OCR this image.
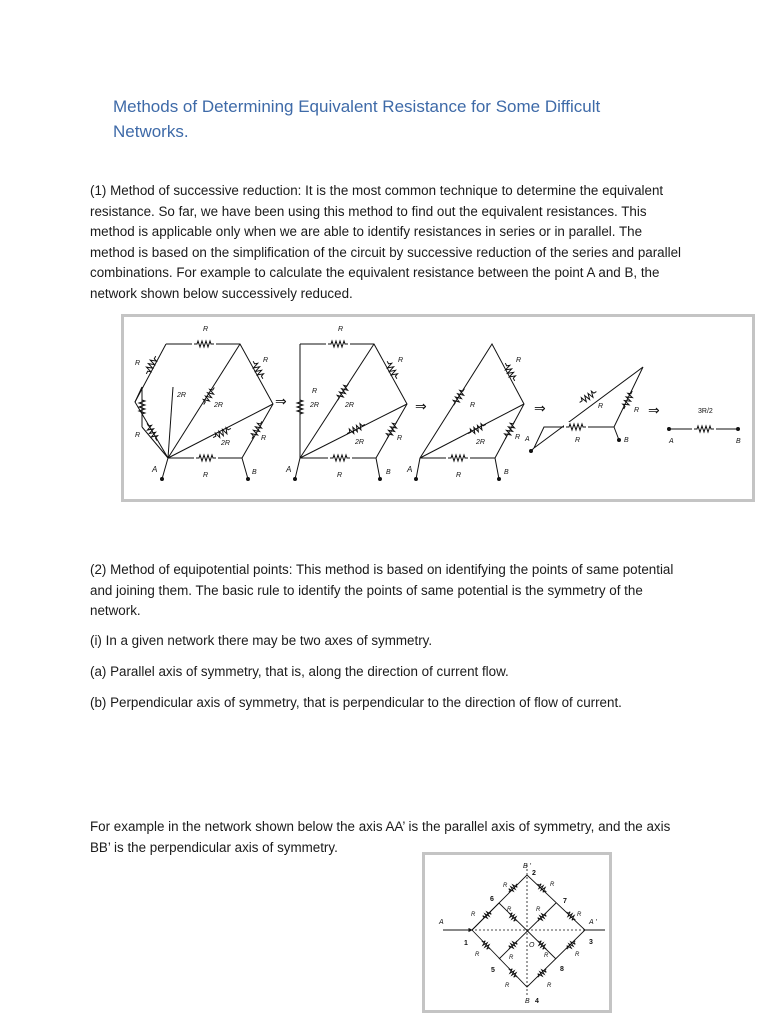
Methods of Determining Equivalent Resistance for Some Difficult Networks.

(1) Method of successive reduction: It is the most common technique to determine the equivalent resistance. So far, we have been using this method to find out the equivalent resistances. This method is applicable only when we are able to identify resistances in series or in parallel. The method is based on the simplification of the circuit by successive reduction of the series and parallel combinations. For example to calculate the equivalent resistance between the point A and B, the network shown below successively reduced.

R
R	R
R	R
R
2R
2R
2R
A	B
⇒
R
R
R
R
R
2R	2R
2R
A	B
⇒	R
R
R
R
2R
A	B
⇒	R
R
R
A	B
⇒	3R/2
A	B

(2) Method of equipotential points: This method is based on identifying the points of same potential and joining them. The basic rule to identify the points of same potential is the symmetry of the network.

(i) In a given network there may be two axes of symmetry.

(a) Parallel axis of symmetry, that is, along the direction of current flow.

(b) Perpendicular axis of symmetry, that is perpendicular to the direction of flow of current.

For example in the network shown below the axis AA’ is the parallel axis of symmetry, and the axis BB’ is the perpendicular axis of symmetry.

A	A ′
B ′
B
O
1
2
3
4
5
6	7
8
R
R	R
R
R
R	R
R
R	R
R	R
